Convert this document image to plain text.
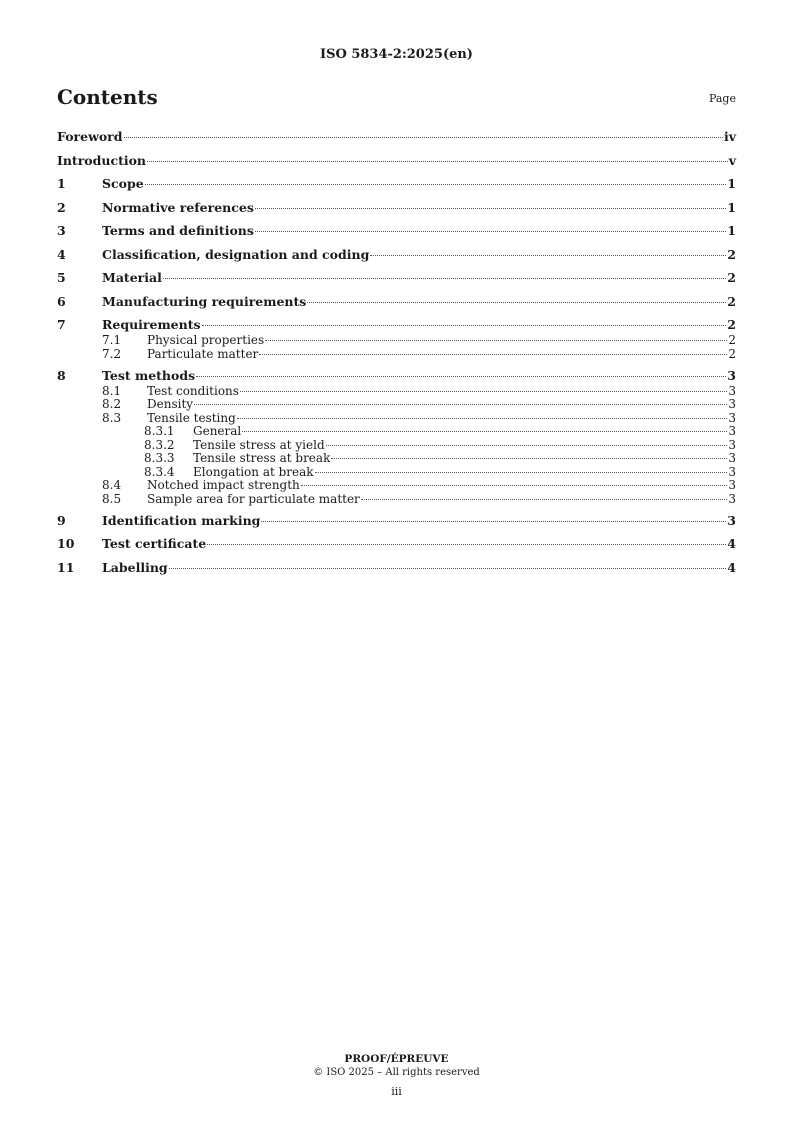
ISO 5834-2:2025(en)
Contents	Page
Foreword	iv
Introduction	v
1	Scope	1
2	Normative references	1
3	Terms and definitions	1
4	Classification, designation and coding	2
5	Material	2
6	Manufacturing requirements	2
7	Requirements	2
7.1	Physical properties	2
7.2	Particulate matter	2
8	Test methods	3
8.1	Test conditions	3
8.2	Density	3
8.3	Tensile testing	3
8.3.1	General	3
8.3.2	Tensile stress at yield	3
8.3.3	Tensile stress at break	3
8.3.4	Elongation at break	3
8.4	Notched impact strength	3
8.5	Sample area for particulate matter	3
9	Identification marking	3
10	Test certificate	4
11	Labelling	4
PROOF/ÉPREUVE
© ISO 2025 – All rights reserved
iii
